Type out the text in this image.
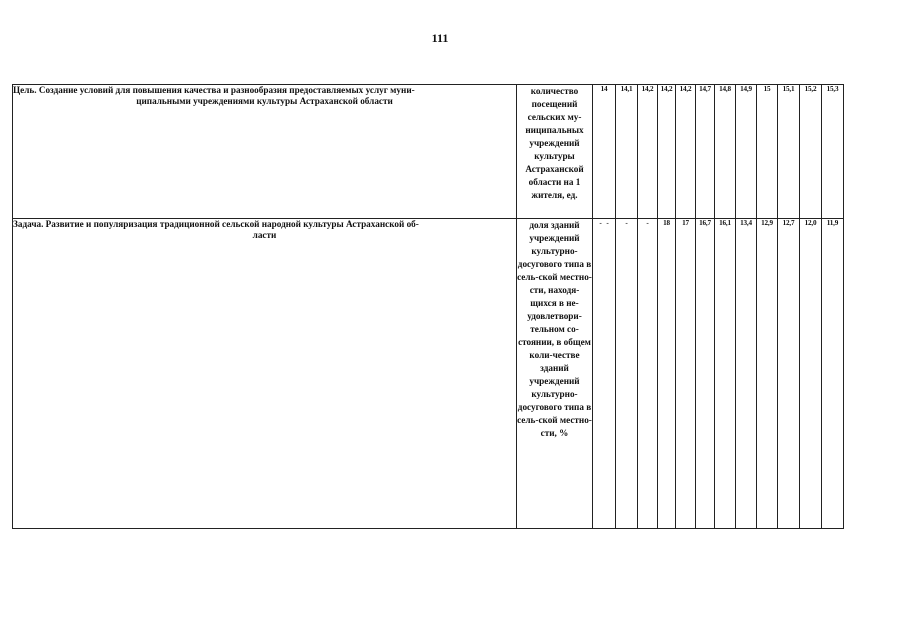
111
Цель. Создание условий для повышения качества и разнообразия предоставляемых услуг муни-
ципальными учреждениями культуры Астраханской области	количество посещений сельских му-ниципальных учреждений культуры Астраханской области на 1 жителя, ед.	14	14,1	14,2	14,2	14,2	14,7	14,8	14,9	15	15,1	15,2	15,3
Задача. Развитие и популяризация традиционной сельской народной культуры Астраханской об-
ласти	доля зданий учреждений культурно-досугового типа в сель-ской местно-сти, находя-щихся в не-удовлетвори-тельном со-стоянии, в общем коли-честве зданий учреждений культурно-досугового типа в сель-ской местно-сти, %	-   -	-	-	18	17	16,7	16,1	13,4	12,9	12,7	12,0	11,9
